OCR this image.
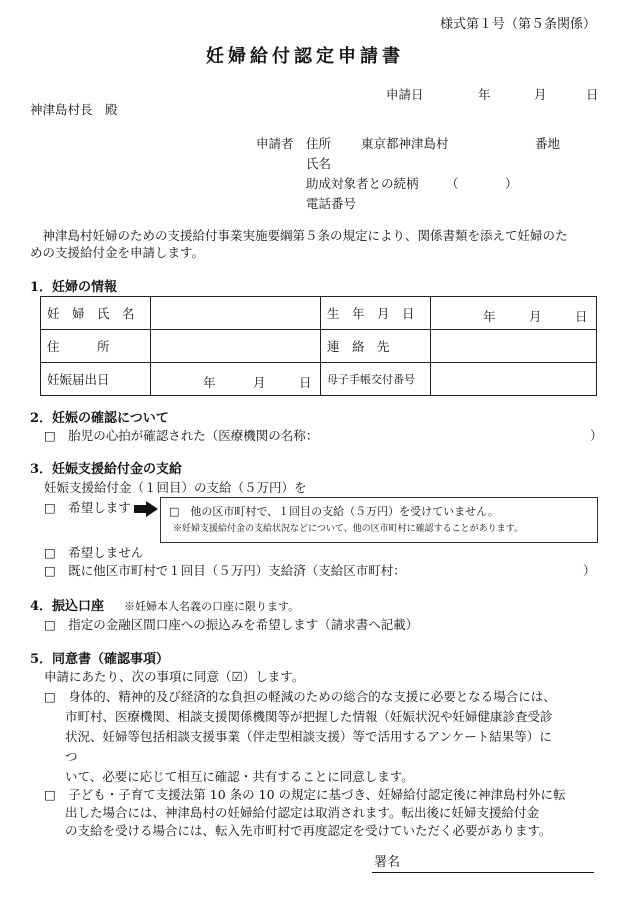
様式第１号（第５条関係）
妊婦給付認定申請書
申請日	年	月	日
神津島村長　殿
申請者 住所 東京都神津島村	番地
氏名
助成対象者との続柄 （	）
電話番号
　神津島村妊婦のための支援給付事業実施要綱第５条の規定により、関係書類を添えて妊婦のた
めの支援給付金を申請します。
1．妊婦の情報
妊　婦　氏　名		生　年　月　日	年 月 日

住　　　所		連　絡　先	
妊娠届出日	年 月 日	母子手帳交付番号	
2．妊娠の確認について
□　胎児の心拍が確認された（医療機関の名称：	）
3．妊娠支援給付金の支給
妊娠支援給付金（１回目）の支給（５万円）を
□　希望します	□　他の区市町村で、１回目の支給（５万円）を受けていません。
※妊婦支援給付金の支給状況などについて、他の区市町村に確認することがあります。
□　希望しません
□　既に他区市町村で１回目（５万円）支給済（支給区市町村：	）
4．振込口座 ※妊婦本人名義の口座に限ります。
□　指定の金融区間口座への振込みを希望します（請求書へ記載）
5．同意書（確認事項）
申請にあたり、次の事項に同意（☑）します。
□　身体的、精神的及び経済的な負担の軽減のための総合的な支援に必要となる場合には、
市町村、医療機関、相談支援関係機関等が把握した情報（妊娠状況や妊婦健康診査受診
状況、妊婦等包括相談支援事業（伴走型相談支援）等で活用するアンケート結果等）に
つ
いて、必要に応じて相互に確認・共有することに同意します。
□　子ども・子育て支援法第 10 条の 10 の規定に基づき、妊婦給付認定後に神津島村外に転
出した場合には、神津島村の妊婦給付認定は取消されます。転出後に妊婦支援給付金
の支給を受ける場合には、転入先市町村で再度認定を受けていただく必要があります。
署名
